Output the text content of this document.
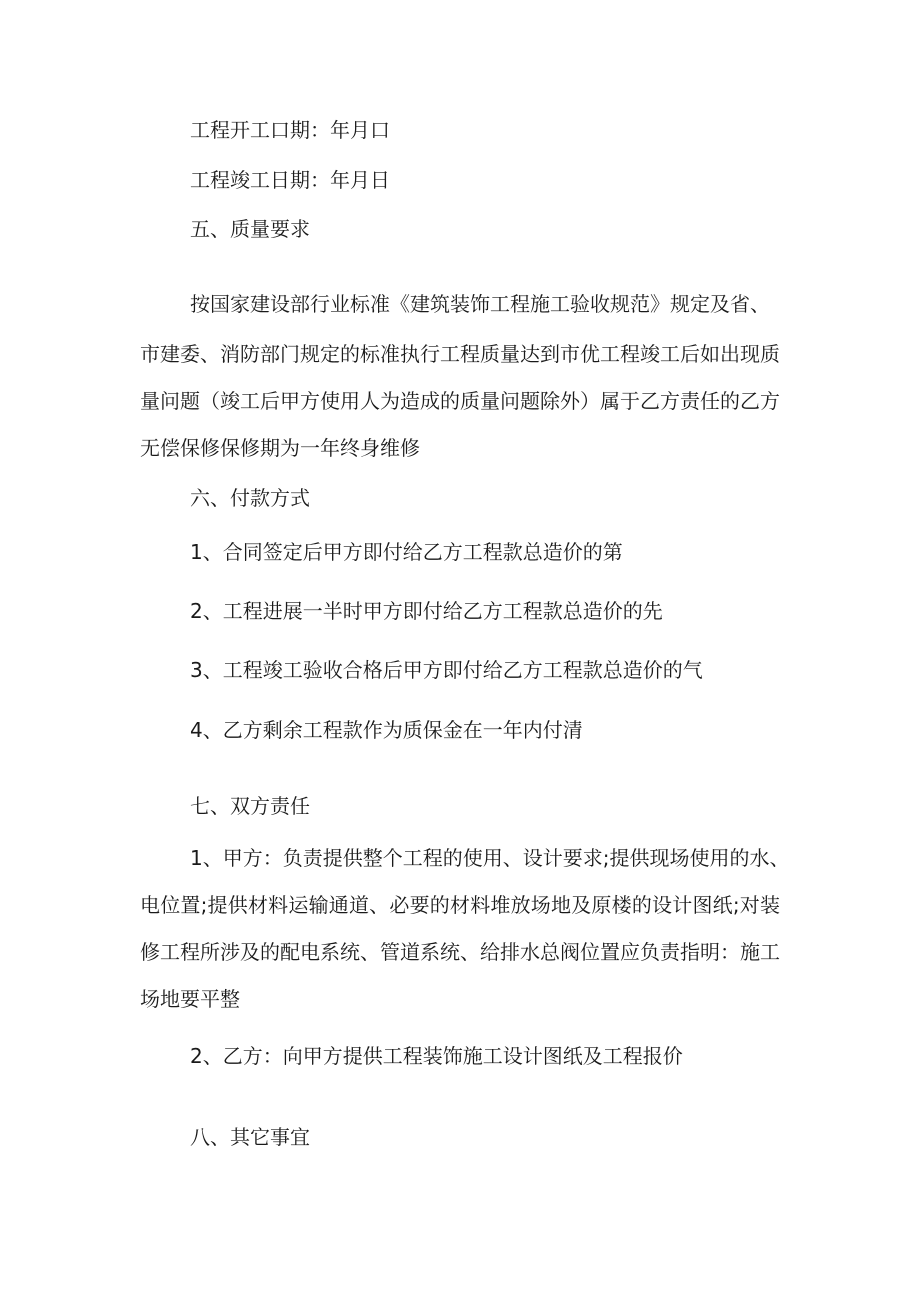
工程开工口期：年月口
工程竣工日期：年月日
五、质量要求
按国家建设部行业标准《建筑装饰工程施工验收规范》规定及省、
市建委、消防部门规定的标准执行工程质量达到市优工程竣工后如出现质
量问题（竣工后甲方使用人为造成的质量问题除外）属于乙方责任的乙方
无偿保修保修期为一年终身维修
六、付款方式
1、合同签定后甲方即付给乙方工程款总造价的第
2、工程进展一半时甲方即付给乙方工程款总造价的先
3、工程竣工验收合格后甲方即付给乙方工程款总造价的气
4、乙方剩余工程款作为质保金在一年内付清
七、双方责任
1、甲方：负责提供整个工程的使用、设计要求;提供现场使用的水、
电位置;提供材料运输通道、必要的材料堆放场地及原楼的设计图纸;对装
修工程所涉及的配电系统、管道系统、给排水总阀位置应负责指明：施工
场地要平整
2、乙方：向甲方提供工程装饰施工设计图纸及工程报价
八、其它事宜
